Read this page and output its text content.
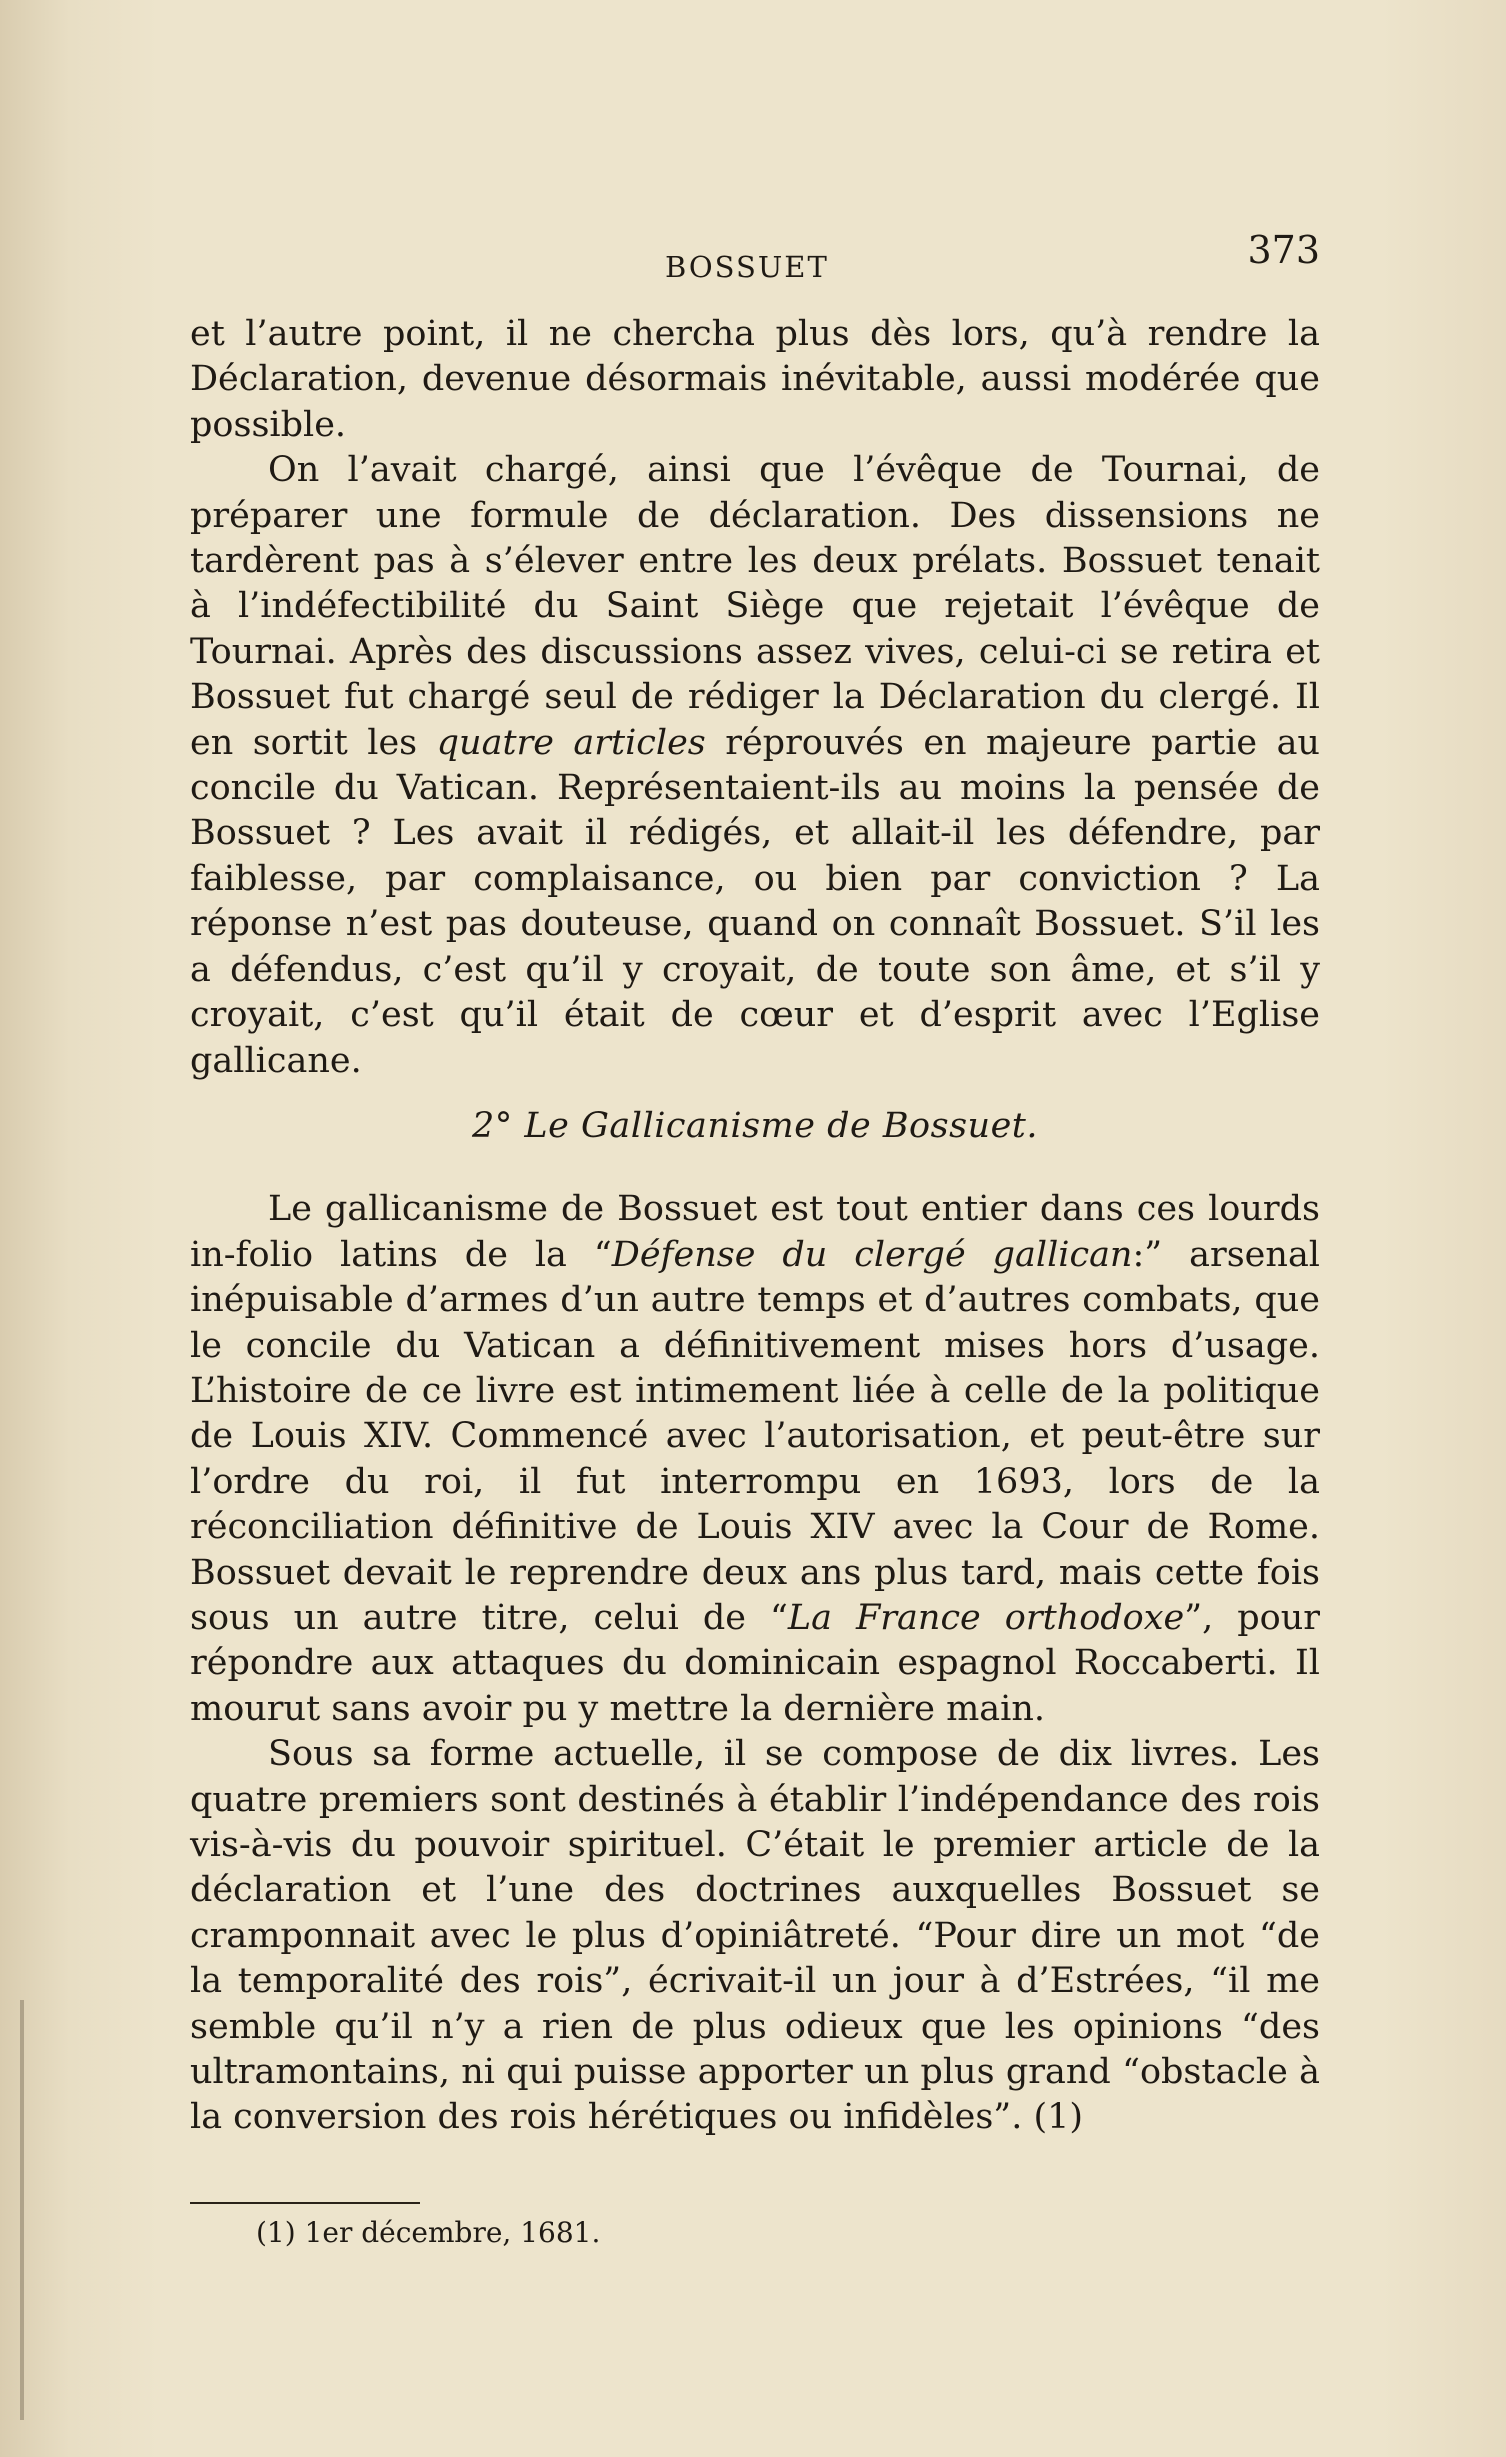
BOSSUET	373

et l’autre point, il ne chercha plus dès lors, qu’à rendre la Déclaration, devenue désormais inévitable, aussi modérée que possible.

On l’avait chargé, ainsi que l’évêque de Tournai, de préparer une formule de déclaration. Des dissensions ne tardèrent pas à s’élever entre les deux prélats. Bossuet tenait à l’indéfectibilité du Saint Siège que rejetait l’évêque de Tournai. Après des discussions assez vives, celui-ci se retira et Bossuet fut chargé seul de rédiger la Déclaration du clergé. Il en sortit les quatre articles réprouvés en majeure partie au concile du Vatican. Représentaient-ils au moins la pensée de Bossuet ? Les avait il rédigés, et allait-il les défendre, par faiblesse, par complaisance, ou bien par conviction ? La réponse n’est pas douteuse, quand on connaît Bossuet. S’il les a défendus, c’est qu’il y croyait, de toute son âme, et s’il y croyait, c’est qu’il était de cœur et d’esprit avec l’Eglise gallicane.

2° Le Gallicanisme de Bossuet.

Le gallicanisme de Bossuet est tout entier dans ces lourds in-folio latins de la “Défense du clergé gallican:” arsenal inépuisable d’armes d’un autre temps et d’autres combats, que le concile du Vatican a définitivement mises hors d’usage. L’histoire de ce livre est intimement liée à celle de la politique de Louis XIV. Commencé avec l’autorisation, et peut-être sur l’ordre du roi, il fut interrompu en 1693, lors de la réconciliation définitive de Louis XIV avec la Cour de Rome. Bossuet devait le reprendre deux ans plus tard, mais cette fois sous un autre titre, celui de “La France orthodoxe”, pour répondre aux attaques du dominicain espagnol Roccaberti. Il mourut sans avoir pu y mettre la dernière main.

Sous sa forme actuelle, il se compose de dix livres. Les quatre premiers sont destinés à établir l’indépendance des rois vis-à-vis du pouvoir spirituel. C’était le premier article de la déclaration et l’une des doctrines auxquelles Bossuet se cramponnait avec le plus d’opiniâtreté. “Pour dire un mot “de la temporalité des rois”, écrivait-il un jour à d’Estrées, “il me semble qu’il n’y a rien de plus odieux que les opinions “des ultramontains, ni qui puisse apporter un plus grand “obstacle à la conversion des rois hérétiques ou infidèles”. (1)

(1) 1er décembre, 1681.
